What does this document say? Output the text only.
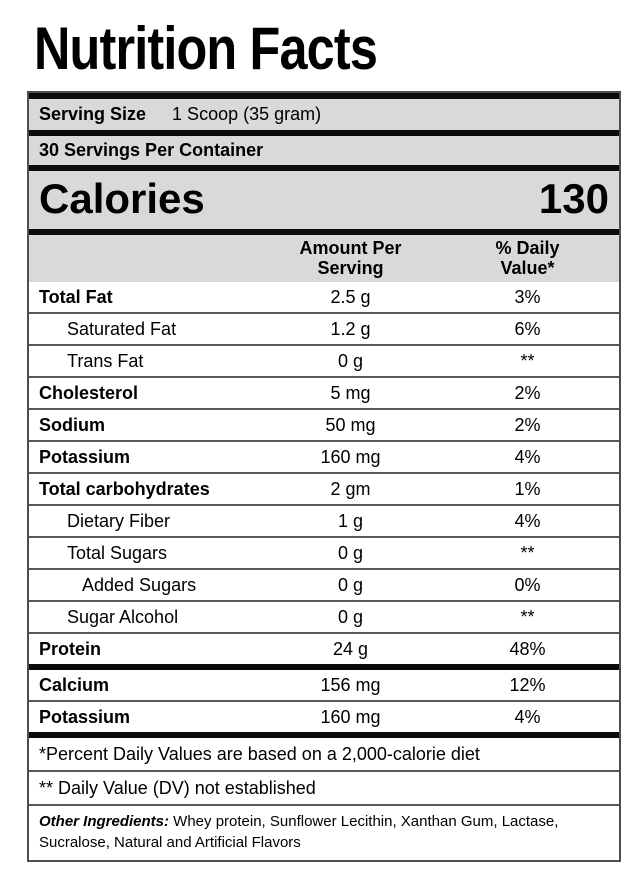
Nutrition Facts
Serving Size 1 Scoop (35 gram)
30 Servings Per Container
Calories	130
Amount Per
Serving
% Daily
Value*
Total Fat	2.5 g	3%
Saturated Fat	1.2 g	6%
Trans Fat	0 g	**
Cholesterol	5 mg	2%
Sodium	50 mg	2%
Potassium	160 mg	4%
Total carbohydrates	2 gm	1%
Dietary Fiber	1 g	4%
Total Sugars	0 g	**
Added Sugars	0 g	0%
Sugar Alcohol	0 g	**
Protein	24 g	48%
Calcium	156 mg	12%
Potassium	160 mg	4%
*Percent Daily Values are based on a 2,000-calorie diet
** Daily Value (DV) not established
Other Ingredients: Whey protein, Sunflower Lecithin, Xanthan Gum, Lactase, Sucralose, Natural and Artificial Flavors
